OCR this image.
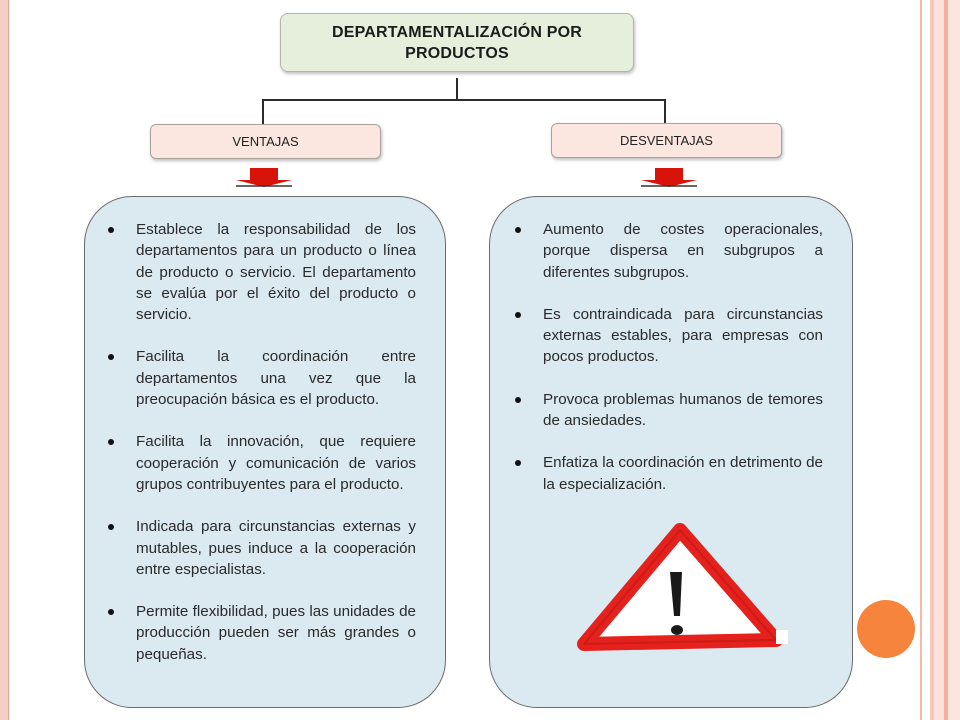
DEPARTAMENTALIZACIÓN POR PRODUCTOS
VENTAJAS	DESVENTAJAS
Establece la responsabilidad de los departamentos para un producto o línea de producto o servicio. El departamento se evalúa por el éxito del producto o servicio.
Facilita la coordinación entre departamentos una vez que la preocupación básica es el producto.
Facilita la innovación, que requiere cooperación y comunicación de varios grupos contribuyentes para el producto.
Indicada para circunstancias externas y mutables, pues induce a la cooperación entre especialistas.
Permite flexibilidad, pues las unidades de producción pueden ser más grandes o pequeñas.
Aumento de costes operacionales, porque dispersa en subgrupos a diferentes subgrupos.
Es contraindicada para circunstancias externas estables, para empresas con pocos productos.
Provoca problemas humanos de temores de ansiedades.
Enfatiza la coordinación en detrimento de la especialización.
